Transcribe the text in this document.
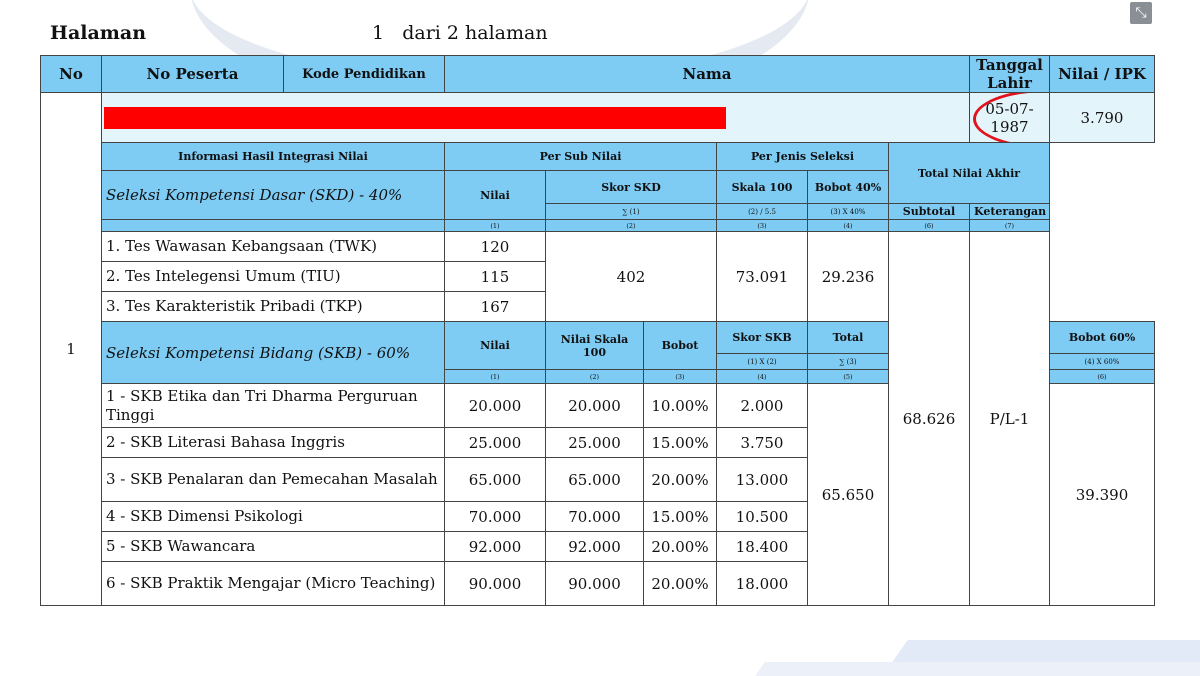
Halaman	1 dari 2 halaman
⤡
No	No Peserta	Kode Pendidikan	Nama						Tanggal Lahir	Nilai / IPK
1									05-07-1987	3.790
	Informasi Hasil Integrasi Nilai		Per Sub Nilai			Per Jenis Seleksi		Total Nilai Akhir		
	Seleksi Kompetensi Dasar (SKD) - 40%		Nilai	Skor SKD		Skala 100	Bobot 40%			
				∑ (1)		(2) / 5.5	(3) X 40%	Subtotal	Keterangan	
			(1)	(2)		(3)	(4)	(6)	(7)	
	1. Tes Wawasan Kebangsaan (TWK)		120	402		73.091	29.236	68.626	P/L-1	
	2. Tes Intelegensi Umum (TIU)		115							
	3. Tes Karakteristik Pribadi (TKP)		167							
	Seleksi Kompetensi Bidang (SKB) - 60%		Nilai	Nilai Skala 100	Bobot	Skor SKB	Total			Bobot 60%
						(1) X (2)	∑ (3)			(4) X 60%
			(1)	(2)	(3)	(4)	(5)			(6)
	1 - SKB Etika dan Tri Dharma Perguruan Tinggi		20.000	20.000	10.00%	2.000	65.650			39.390
	2 - SKB Literasi Bahasa Inggris		25.000	25.000	15.00%	3.750				
	3 - SKB Penalaran dan Pemecahan Masalah		65.000	65.000	20.00%	13.000				
	4 - SKB Dimensi Psikologi		70.000	70.000	15.00%	10.500				
	5 - SKB Wawancara		92.000	92.000	20.00%	18.400				
	6 - SKB Praktik Mengajar (Micro Teaching)		90.000	90.000	20.00%	18.000				
